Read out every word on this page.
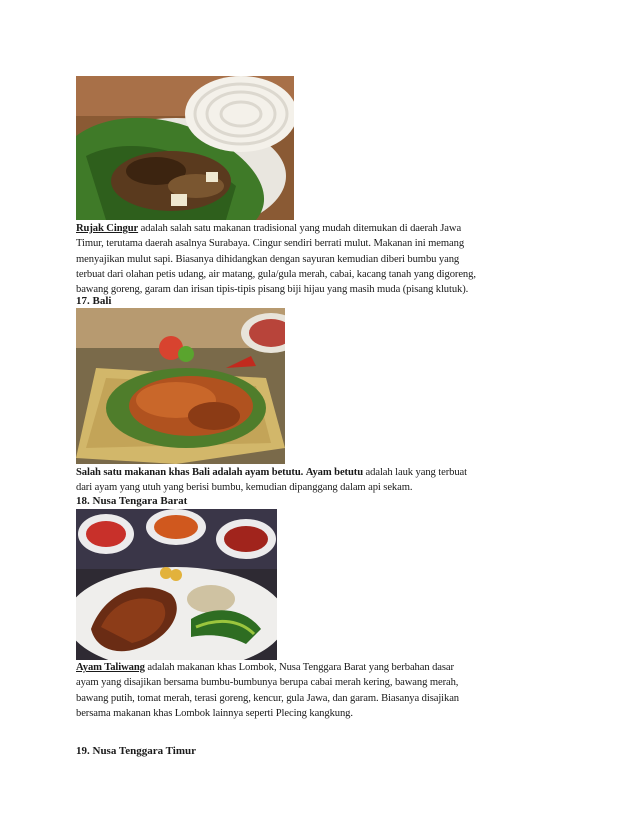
Rujak Cingur adalah salah satu makanan tradisional yang mudah ditemukan di daerah Jawa

Timur, terutama daerah asalnya Surabaya. Cingur sendiri berrati mulut. Makanan ini memang

menyajikan mulut sapi. Biasanya dihidangkan dengan sayuran kemudian diberi bumbu yang

terbuat dari olahan petis udang, air matang, gula/gula merah, cabai, kacang tanah yang digoreng,

bawang goreng, garam dan irisan tipis-tipis pisang biji hijau yang masih muda (pisang klutuk).

17. Bali

Salah satu makanan khas Bali adalah ayam betutu. Ayam betutu adalah lauk yang terbuat

dari ayam yang utuh yang berisi bumbu, kemudian dipanggang dalam api sekam.

18. Nusa Tengara Barat

Ayam Taliwang adalah makanan khas Lombok, Nusa Tenggara Barat yang berbahan dasar

ayam yang disajikan bersama bumbu-bumbunya berupa cabai merah kering, bawang merah,

bawang putih, tomat merah, terasi goreng, kencur, gula Jawa, dan garam. Biasanya disajikan

bersama makanan khas Lombok lainnya seperti Plecing kangkung.

19. Nusa Tenggara Timur
